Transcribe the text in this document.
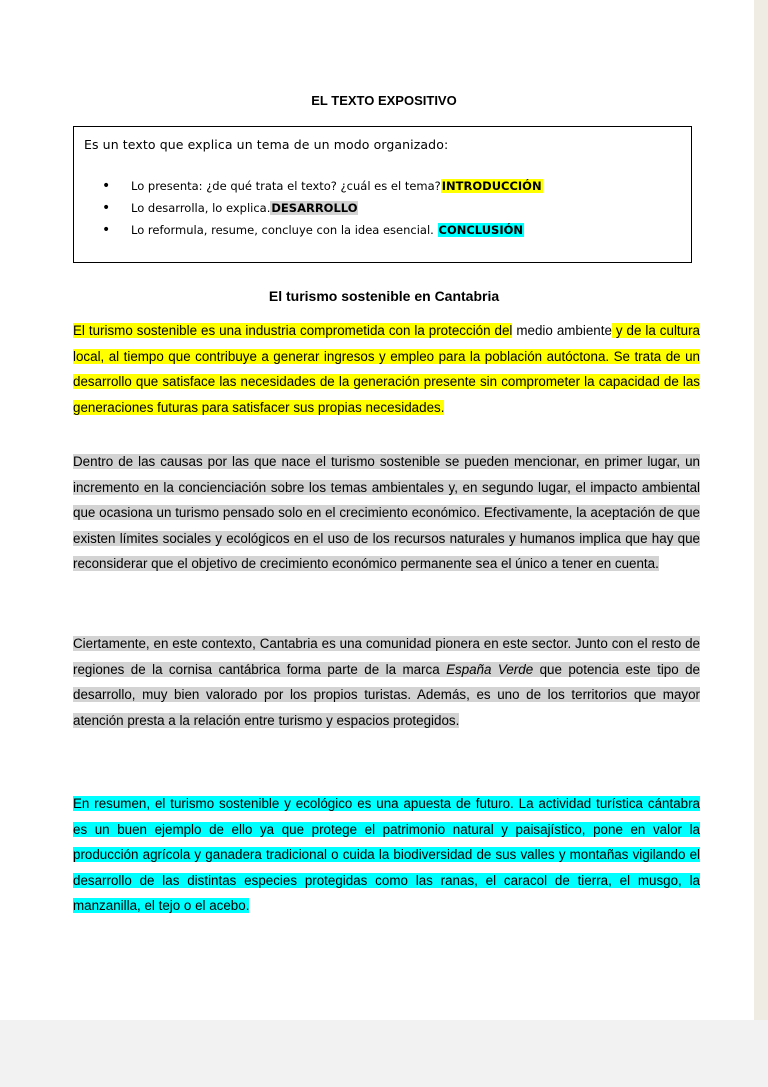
EL TEXTO EXPOSITIVO
Es un texto que explica un tema de un modo organizado:
• Lo presenta: ¿de qué trata el texto? ¿cuál es el tema?INTRODUCCIÓN
• Lo desarrolla, lo explica.DESARROLLO
• Lo reformula, resume, concluye con la idea esencial. CONCLUSIÓN
El turismo sostenible en Cantabria
El turismo sostenible es una industria comprometida con la protección del medio ambiente y de la cultura local, al tiempo que contribuye a generar ingresos y empleo para la población autóctona. Se trata de un desarrollo que satisface las necesidades de la generación presente sin comprometer la capacidad de las generaciones futuras para satisfacer sus propias necesidades.
Dentro de las causas por las que nace el turismo sostenible se pueden mencionar, en primer lugar, un incremento en la concienciación sobre los temas ambientales y, en segundo lugar, el impacto ambiental que ocasiona un turismo pensado solo en el crecimiento económico. Efectivamente, la aceptación de que existen límites sociales y ecológicos en el uso de los recursos naturales y humanos implica que hay que reconsiderar que el objetivo de crecimiento económico permanente sea el único a tener en cuenta.
Ciertamente, en este contexto, Cantabria es una comunidad pionera en este sector. Junto con el resto de regiones de la cornisa cantábrica forma parte de la marca España Verde que potencia este tipo de desarrollo, muy bien valorado por los propios turistas. Además, es uno de los territorios que mayor atención presta a la relación entre turismo y espacios protegidos.
En resumen, el turismo sostenible y ecológico es una apuesta de futuro. La actividad turística cántabra es un buen ejemplo de ello ya que protege el patrimonio natural y paisajístico, pone en valor la producción agrícola y ganadera tradicional o cuida la biodiversidad de sus valles y montañas vigilando el desarrollo de las distintas especies protegidas como las ranas, el caracol de tierra, el musgo, la manzanilla, el tejo o el acebo.
